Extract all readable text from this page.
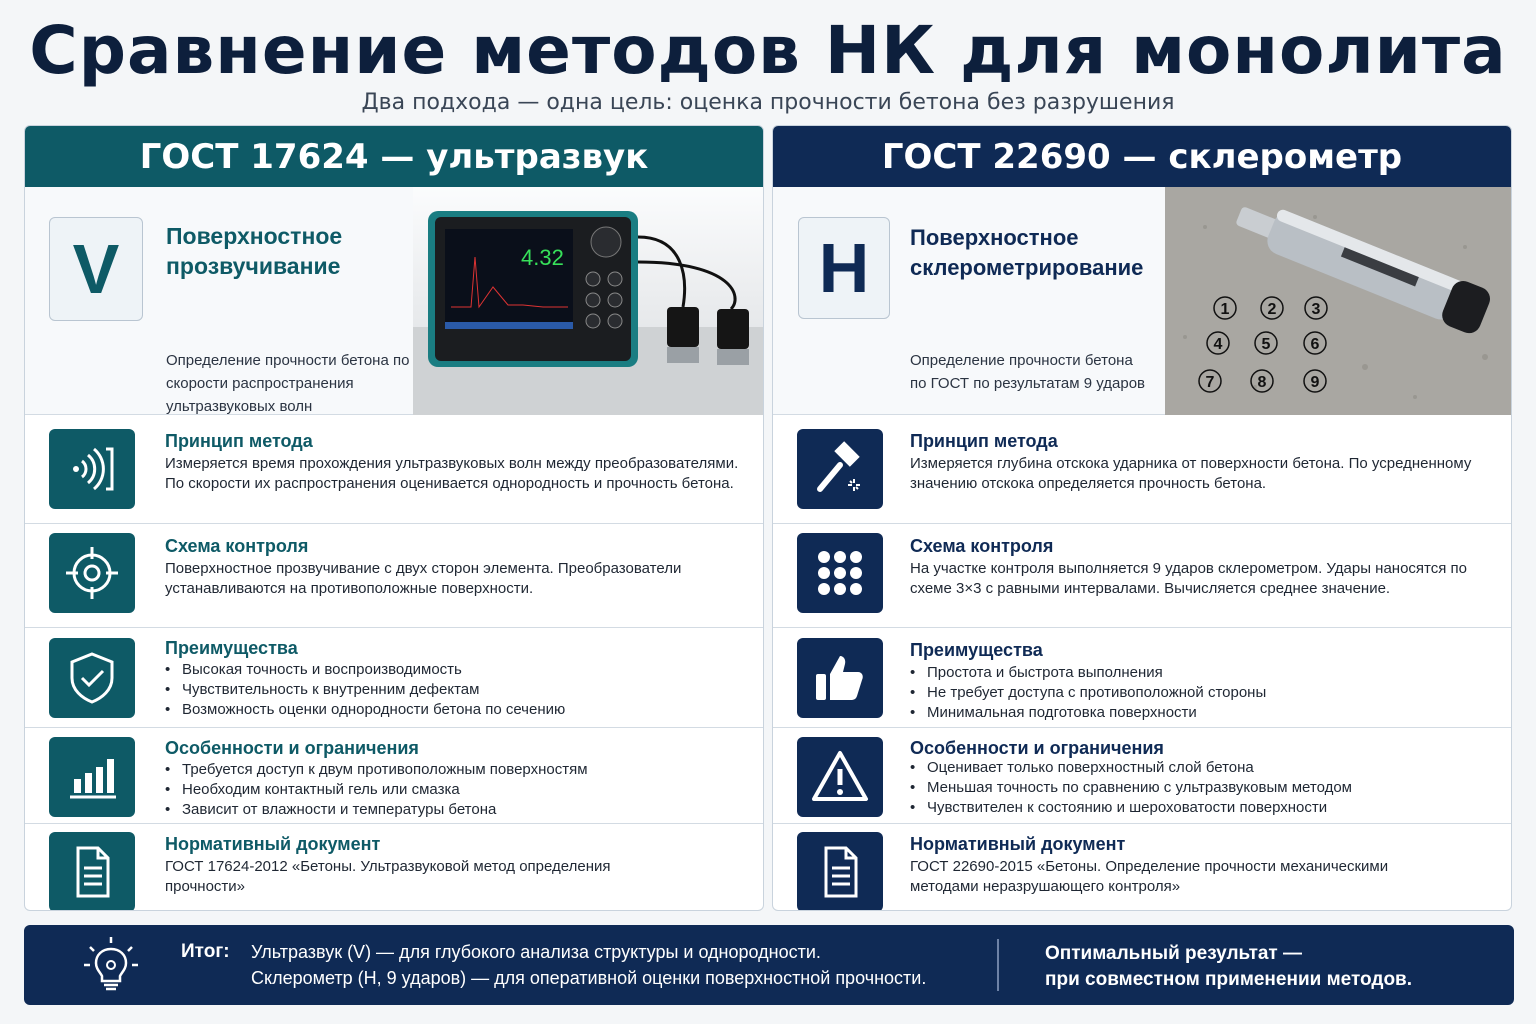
Сравнение методов НК для монолита
Два подхода — одна цель: оценка прочности бетона без разрушения
ГОСТ 17624 — ультразвук
V	Поверхностное прозвучивание
Определение прочности бетона по скорости распространения ультразвуковых волн
4.32
Принцип метода
Измеряется время прохождения ультразвуковых волн между преобразователями. По скорости их распространения оценивается однородность и прочность бетона.
Схема контроля
Поверхностное прозвучивание с двух сторон элемента. Преобразователи устанавливаются на противоположные поверхности.
Преимущества
• Высокая точность и воспроизводимость
• Чувствительность к внутренним дефектам
• Возможность оценки однородности бетона по сечению
Особенности и ограничения
• Требуется доступ к двум противоположным поверхностям
• Необходим контактный гель или смазка
• Зависит от влажности и температуры бетона
Нормативный документ
ГОСТ 17624-2012 «Бетоны. Ультразвуковой метод определения прочности»
ГОСТ 22690 — склерометр
H	Поверхностное склерометрирование
Определение прочности бетона по ГОСТ по результатам 9 ударов
1 2 3
4 5	6
7	8	9
Принцип метода
Измеряется глубина отскока ударника от поверхности бетона. По усредненному значению отскока определяется прочность бетона.
Схема контроля
На участке контроля выполняется 9 ударов склерометром. Удары наносятся по схеме 3×3 с равными интервалами. Вычисляется среднее значение.
Преимущества
• Простота и быстрота выполнения
• Не требует доступа с противоположной стороны
• Минимальная подготовка поверхности
Особенности и ограничения
• Оценивает только поверхностный слой бетона
• Меньшая точность по сравнению с ультразвуковым методом
• Чувствителен к состоянию и шероховатости поверхности
Нормативный документ
ГОСТ 22690-2015 «Бетоны. Определение прочности механическими методами неразрушающего контроля»
Итог: Ультразвук (V) — для глубокого анализа структуры и однородности.
Склерометр (H, 9 ударов) — для оперативной оценки поверхностной прочности.
Оптимальный результат —
при совместном применении методов.
